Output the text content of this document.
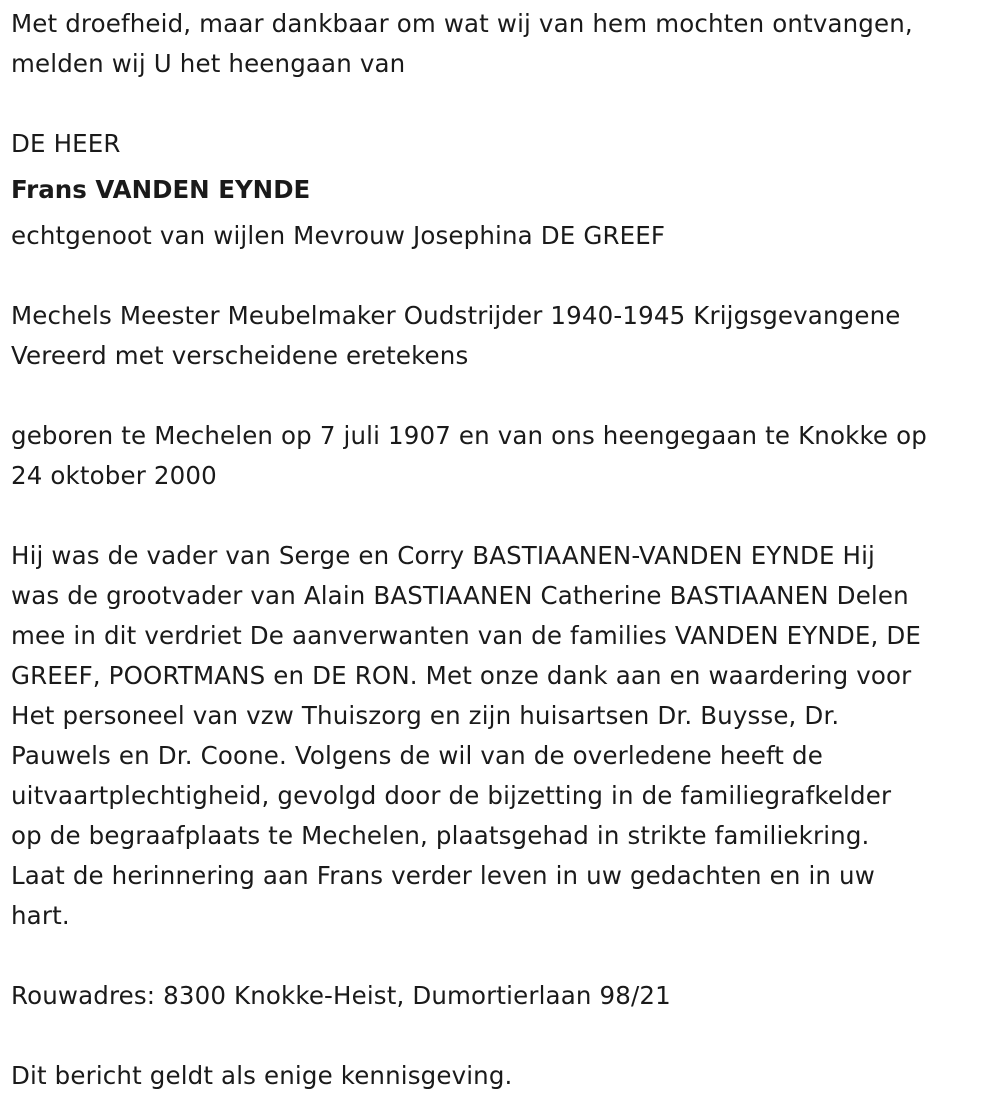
Met droefheid, maar dankbaar om wat wij van hem mochten ontvangen,
melden wij U het heengaan van
DE HEER
Frans VANDEN EYNDE
echtgenoot van wijlen Mevrouw Josephina DE GREEF
Mechels Meester Meubelmaker Oudstrijder 1940-1945 Krijgsgevangene
Vereerd met verscheidene eretekens
geboren te Mechelen op 7 juli 1907 en van ons heengegaan te Knokke op
24 oktober 2000
Hij was de vader van Serge en Corry BASTIAANEN-VANDEN EYNDE Hij
was de grootvader van Alain BASTIAANEN Catherine BASTIAANEN Delen
mee in dit verdriet De aanverwanten van de families VANDEN EYNDE, DE
GREEF, POORTMANS en DE RON. Met onze dank aan en waardering voor
Het personeel van vzw Thuiszorg en zijn huisartsen Dr. Buysse, Dr.
Pauwels en Dr. Coone. Volgens de wil van de overledene heeft de
uitvaartplechtigheid, gevolgd door de bijzetting in de familiegrafkelder
op de begraafplaats te Mechelen, plaatsgehad in strikte familiekring.
Laat de herinnering aan Frans verder leven in uw gedachten en in uw
hart.
Rouwadres: 8300 Knokke-Heist, Dumortierlaan 98/21
Dit bericht geldt als enige kennisgeving.
